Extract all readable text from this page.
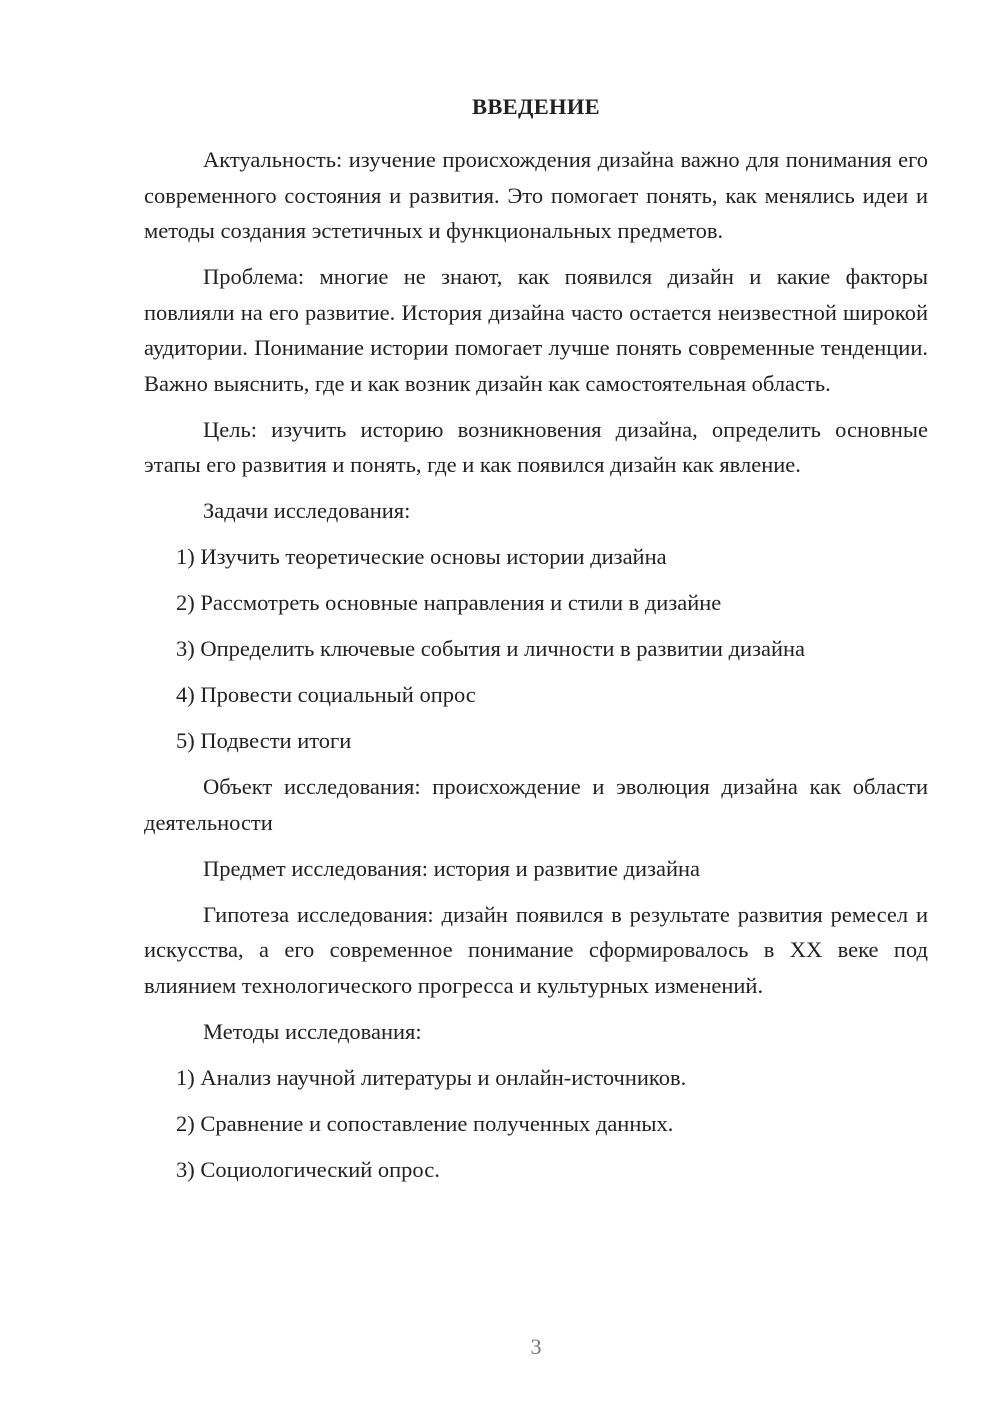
ВВЕДЕНИЕ

Актуальность: изучение происхождения дизайна важно для понимания его современного состояния и развития. Это помогает понять, как менялись идеи и методы создания эстетичных и функциональных предметов.

Проблема: многие не знают, как появился дизайн и какие факторы повлияли на его развитие. История дизайна часто остается неизвестной широкой аудитории. Понимание истории помогает лучше понять современные тенденции. Важно выяснить, где и как возник дизайн как самостоятельная область.

Цель: изучить историю возникновения дизайна, определить основные этапы его развития и понять, где и как появился дизайн как явление.

Задачи исследования:

1) Изучить теоретические основы истории дизайна
2) Рассмотреть основные направления и стили в дизайне
3) Определить ключевые события и личности в развитии дизайна
4) Провести социальный опрос
5) Подвести итоги

Объект исследования: происхождение и эволюция дизайна как области деятельности

Предмет исследования: история и развитие дизайна

Гипотеза исследования: дизайн появился в результате развития ремесел и искусства, а его современное понимание сформировалось в XX веке под влиянием технологического прогресса и культурных изменений.

Методы исследования:

1) Анализ научной литературы и онлайн-источников.
2) Сравнение и сопоставление полученных данных.
3) Социологический опрос.
3
